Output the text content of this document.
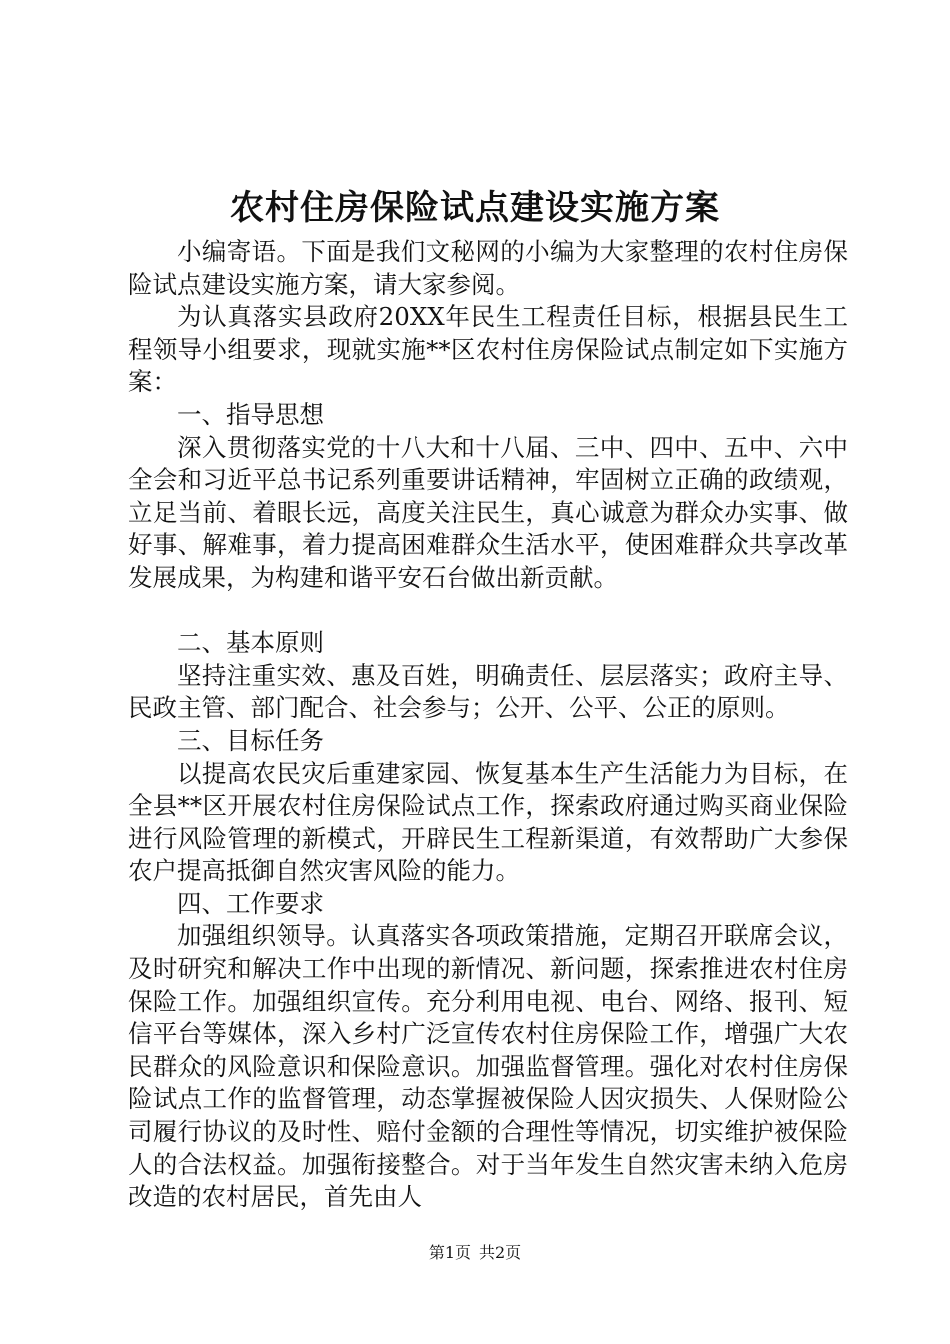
农村住房保险试点建设实施方案

小编寄语。下面是我们文秘网的小编为大家整理的农村住房保险试点建设实施方案，请大家参阅。

为认真落实县政府20XX年民生工程责任目标，根据县民生工程领导小组要求，现就实施**区农村住房保险试点制定如下实施方案：

一、指导思想

深入贯彻落实党的十八大和十八届、三中、四中、五中、六中全会和习近平总书记系列重要讲话精神，牢固树立正确的政绩观，立足当前、着眼长远，高度关注民生，真心诚意为群众办实事、做好事、解难事，着力提高困难群众生活水平，使困难群众共享改革发展成果，为构建和谐平安石台做出新贡献。

二、基本原则

坚持注重实效、惠及百姓，明确责任、层层落实；政府主导、民政主管、部门配合、社会参与；公开、公平、公正的原则。

三、目标任务

以提高农民灾后重建家园、恢复基本生产生活能力为目标，在全县**区开展农村住房保险试点工作，探索政府通过购买商业保险进行风险管理的新模式，开辟民生工程新渠道，有效帮助广大参保农户提高抵御自然灾害风险的能力。

四、工作要求

加强组织领导。认真落实各项政策措施，定期召开联席会议，及时研究和解决工作中出现的新情况、新问题，探索推进农村住房保险工作。加强组织宣传。充分利用电视、电台、网络、报刊、短信平台等媒体，深入乡村广泛宣传农村住房保险工作，增强广大农民群众的风险意识和保险意识。加强监督管理。强化对农村住房保险试点工作的监督管理，动态掌握被保险人因灾损失、人保财险公司履行协议的及时性、赔付金额的合理性等情况，切实维护被保险人的合法权益。加强衔接整合。对于当年发生自然灾害未纳入危房改造的农村居民，首先由人

第1页 共2页
